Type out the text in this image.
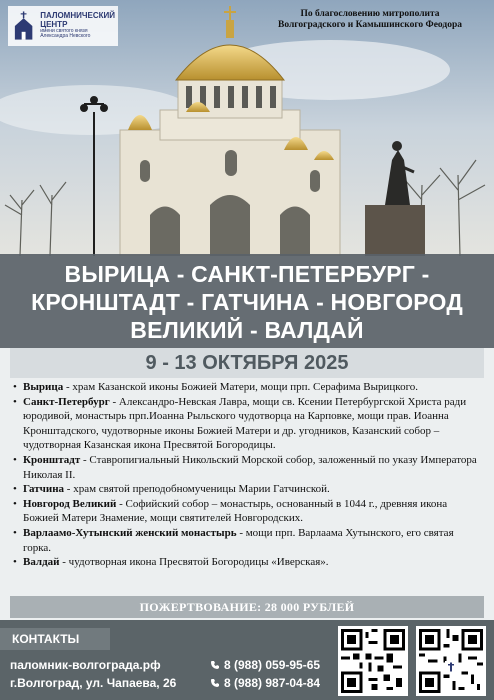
ПАЛОМНИЧЕСКИЙ
ЦЕНТР
имени святого князя
Александра Невского
По благословению митрополита
Волгоградского и Камышинского Феодора
ВЫРИЦА - САНКТ-ПЕТЕРБУРГ -
КРОНШТАДТ - ГАТЧИНА - НОВГОРОД
ВЕЛИКИЙ - ВАЛДАЙ
9 - 13 ОКТЯБРЯ 2025
• Вырица - храм Казанской иконы Божией Матери, мощи прп. Серафима Вырицкого.
• Санкт-Петербург - Александро-Невская Лавра, мощи св. Ксении Петербургской Христа ради юродивой, монастырь прп.Иоанна Рыльского чудотворца на Карповке, мощи прав. Иоанна Кронштадского, чудотворные иконы Божией Матери и др. угодников, Казанский собор – чудотворная Казанская икона Пресвятой Богородицы.
• Кронштадт - Ставропигиальный Никольский Морской собор, заложенный по указу Императора Николая II.
• Гатчина - храм святой преподобномученицы Марии Гатчинской.
• Новгород Великий - Софийский собор – монастырь, основанный в 1044 г., древняя икона Божией Матери Знамение, мощи святителей Новгородских.
• Варлаамо-Хутынский женский монастырь - мощи прп. Варлаама Хутынского, его святая горка.
• Валдай - чудотворная икона Пресвятой Богородицы «Иверская».
ПОЖЕРТВОВАНИЕ: 28 000 РУБЛЕЙ
КОНТАКТЫ
паломник-волгограда.рф
г.Волгоград, ул. Чапаева, 26
8 (988) 059-95-65
8 (988) 987-04-84
